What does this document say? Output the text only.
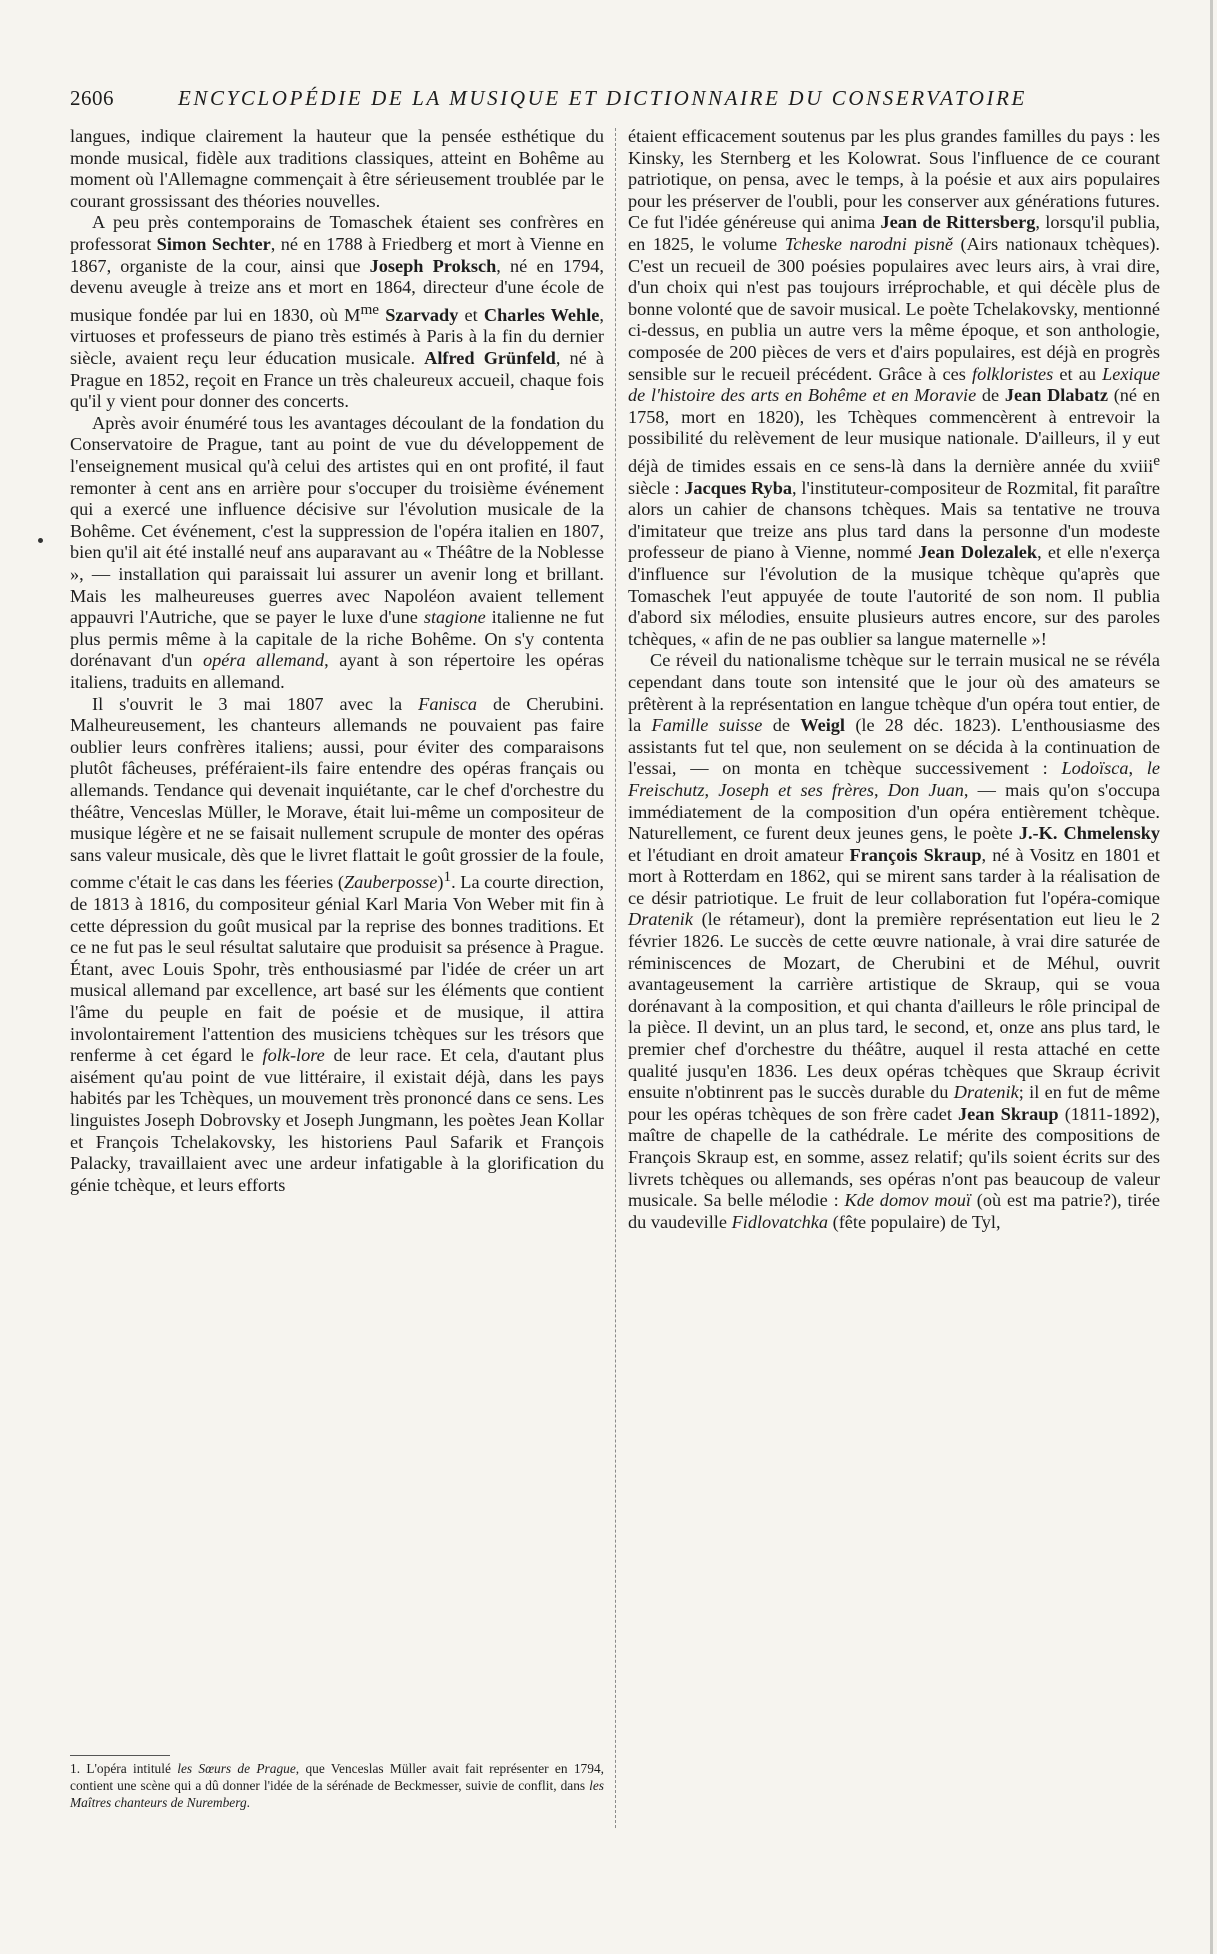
2606	ENCYCLOPÉDIE DE LA MUSIQUE ET DICTIONNAIRE DU CONSERVATOIRE

langues, indique clairement la hauteur que la pensée esthétique du monde musical, fidèle aux traditions classiques, atteint en Bohême au moment où l'Allemagne commençait à être sérieusement troublée par le courant grossissant des théories nouvelles.

A peu près contemporains de Tomaschek étaient ses confrères en professorat Simon Sechter, né en 1788 à Friedberg et mort à Vienne en 1867, organiste de la cour, ainsi que Joseph Proksch, né en 1794, devenu aveugle à treize ans et mort en 1864, directeur d'une école de musique fondée par lui en 1830, où $M^{me}$ Szarvady et Charles Wehle, virtuoses et professeurs de piano très estimés à Paris à la fin du dernier siècle, avaient reçu leur éducation musicale. Alfred Grünfeld, né à Prague en 1852, reçoit en France un très chaleureux accueil, chaque fois qu'il y vient pour donner des concerts.

Après avoir énuméré tous les avantages découlant de la fondation du Conservatoire de Prague, tant au point de vue du développement de l'enseignement musical qu'à celui des artistes qui en ont profité, il faut remonter à cent ans en arrière pour s'occuper du troisième événement qui a exercé une influence décisive sur l'évolution musicale de la Bohême. Cet événement, c'est la suppression de l'opéra italien en 1807, bien qu'il ait été installé neuf ans auparavant au « Théâtre de la Noblesse », — installation qui paraissait lui assurer un avenir long et brillant. Mais les malheureuses guerres avec Napoléon avaient tellement appauvri l'Autriche, que se payer le luxe d'une stagione italienne ne fut plus permis même à la capitale de la riche Bohême. On s'y contenta dorénavant d'un opéra allemand, ayant à son répertoire les opéras italiens, traduits en allemand.

Il s'ouvrit le 3 mai 1807 avec la Fanisca de Cherubini. Malheureusement, les chanteurs allemands ne pouvaient pas faire oublier leurs confrères italiens; aussi, pour éviter des comparaisons plutôt fâcheuses, préféraient-ils faire entendre des opéras français ou allemands. Tendance qui devenait inquiétante, car le chef d'orchestre du théâtre, Venceslas Müller, le Morave, était lui-même un compositeur de musique légère et ne se faisait nullement scrupule de monter des opéras sans valeur musicale, dès que le livret flattait le goût grossier de la foule, comme c'était le cas dans les féeries (Zauberposse)$^1$. La courte direction, de 1813 à 1816, du compositeur génial Karl Maria Von Weber mit fin à cette dépression du goût musical par la reprise des bonnes traditions. Et ce ne fut pas le seul résultat salutaire que produisit sa présence à Prague. Étant, avec Louis Spohr, très enthousiasmé par l'idée de créer un art musical allemand par excellence, art basé sur les éléments que contient l'âme du peuple en fait de poésie et de musique, il attira involontairement l'attention des musiciens tchèques sur les trésors que renferme à cet égard le folk-lore de leur race. Et cela, d'autant plus aisément qu'au point de vue littéraire, il existait déjà, dans les pays habités par les Tchèques, un mouvement très prononcé dans ce sens. Les linguistes Joseph Dobrovsky et Joseph Jungmann, les poètes Jean Kollar et François Tchelakovsky, les historiens Paul Safarik et François Palacky, travaillaient avec une ardeur infatigable à la glorification du génie tchèque, et leurs efforts

étaient efficacement soutenus par les plus grandes familles du pays : les Kinsky, les Sternberg et les Kolowrat. Sous l'influence de ce courant patriotique, on pensa, avec le temps, à la poésie et aux airs populaires pour les préserver de l'oubli, pour les conserver aux générations futures. Ce fut l'idée généreuse qui anima Jean de Rittersberg, lorsqu'il publia, en 1825, le volume Tcheske narodni pisně (Airs nationaux tchèques). C'est un recueil de 300 poésies populaires avec leurs airs, à vrai dire, d'un choix qui n'est pas toujours irréprochable, et qui décèle plus de bonne volonté que de savoir musical. Le poète Tchelakovsky, mentionné ci-dessus, en publia un autre vers la même époque, et son anthologie, composée de 200 pièces de vers et d'airs populaires, est déjà en progrès sensible sur le recueil précédent. Grâce à ces folkloristes et au Lexique de l'histoire des arts en Bohême et en Moravie de Jean Dlabatz (né en 1758, mort en 1820), les Tchèques commencèrent à entrevoir la possibilité du relèvement de leur musique nationale. D'ailleurs, il y eut déjà de timides essais en ce sens-là dans la dernière année du xviii$^e$ siècle : Jacques Ryba, l'instituteur-compositeur de Rozmital, fit paraître alors un cahier de chansons tchèques. Mais sa tentative ne trouva d'imitateur que treize ans plus tard dans la personne d'un modeste professeur de piano à Vienne, nommé Jean Dolezalek, et elle n'exerça d'influence sur l'évolution de la musique tchèque qu'après que Tomaschek l'eut appuyée de toute l'autorité de son nom. Il publia d'abord six mélodies, ensuite plusieurs autres encore, sur des paroles tchèques, « afin de ne pas oublier sa langue maternelle »!

Ce réveil du nationalisme tchèque sur le terrain musical ne se révéla cependant dans toute son intensité que le jour où des amateurs se prêtèrent à la représentation en langue tchèque d'un opéra tout entier, de la Famille suisse de Weigl (le 28 déc. 1823). L'enthousiasme des assistants fut tel que, non seulement on se décida à la continuation de l'essai, — on monta en tchèque successivement : Lodoïsca, le Freischutz, Joseph et ses frères, Don Juan, — mais qu'on s'occupa immédiatement de la composition d'un opéra entièrement tchèque. Naturellement, ce furent deux jeunes gens, le poète J.-K. Chmelensky et l'étudiant en droit amateur François Skraup, né à Vositz en 1801 et mort à Rotterdam en 1862, qui se mirent sans tarder à la réalisation de ce désir patriotique. Le fruit de leur collaboration fut l'opéra-comique Dratenik (le rétameur), dont la première représentation eut lieu le 2 février 1826. Le succès de cette œuvre nationale, à vrai dire saturée de réminiscences de Mozart, de Cherubini et de Méhul, ouvrit avantageusement la carrière artistique de Skraup, qui se voua dorénavant à la composition, et qui chanta d'ailleurs le rôle principal de la pièce. Il devint, un an plus tard, le second, et, onze ans plus tard, le premier chef d'orchestre du théâtre, auquel il resta attaché en cette qualité jusqu'en 1836. Les deux opéras tchèques que Skraup écrivit ensuite n'obtinrent pas le succès durable du Dratenik; il en fut de même pour les opéras tchèques de son frère cadet Jean Skraup (1811-1892), maître de chapelle de la cathédrale. Le mérite des compositions de François Skraup est, en somme, assez relatif; qu'ils soient écrits sur des livrets tchèques ou allemands, ses opéras n'ont pas beaucoup de valeur musicale. Sa belle mélodie : Kde domov mouï (où est ma patrie?), tirée du vaudeville Fidlovatchka (fête populaire) de Tyl,

1. L'opéra intitulé les Sœurs de Prague, que Venceslas Müller avait fait représenter en 1794, contient une scène qui a dû donner l'idée de la sérénade de Beckmesser, suivie de conflit, dans les Maîtres chanteurs de Nuremberg.
